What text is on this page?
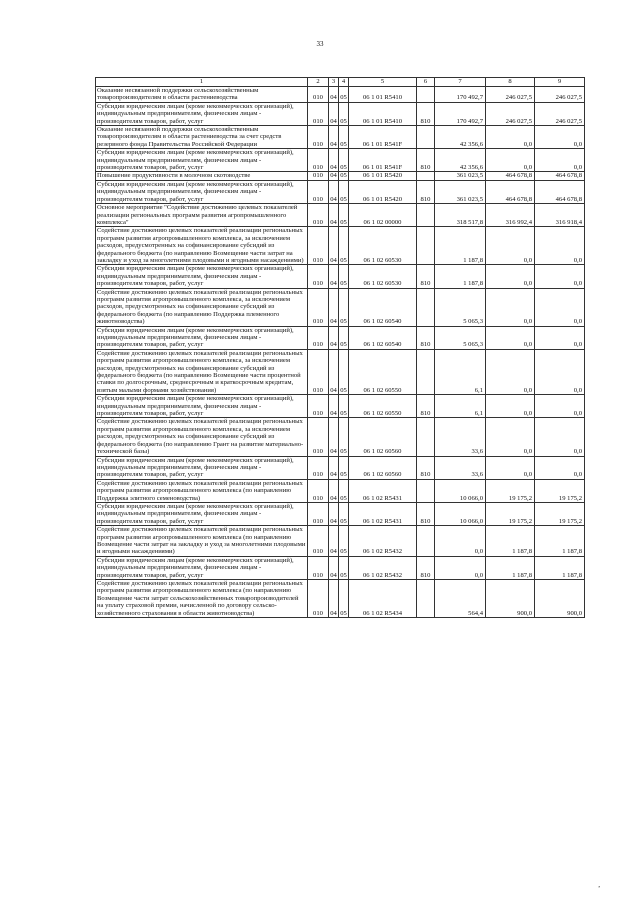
33
1	2	3	4	5	6	7	8	9
Оказание несвязанной поддержки сельскохозяйственным товаропроизводителям в области растениеводства	010	04	05	06 1 01 R5410		170 492,7	246 027,5	246 027,5
Субсидии юридическим лицам (кроме некоммерческих организаций), индивидуальным предпринимателям, физическим лицам - производителям товаров, работ, услуг	010	04	05	06 1 01 R5410	810	170 492,7	246 027,5	246 027,5
Оказание несвязанной поддержки сельскохозяйственным товаропроизводителям в области растениеводства за счет средств резервного фонда Правительства Российской Федерации	010	04	05	06 1 01 R541F		42 356,6	0,0	0,0
Субсидии юридическим лицам (кроме некоммерческих организаций), индивидуальным предпринимателям, физическим лицам - производителям товаров, работ, услуг	010	04	05	06 1 01 R541F	810	42 356,6	0,0	0,0
Повышение продуктивности в молочном скотоводстве	010	04	05	06 1 01 R5420		361 023,5	464 678,8	464 678,8
Субсидии юридическим лицам (кроме некоммерческих организаций), индивидуальным предпринимателям, физическим лицам - производителям товаров, работ, услуг	010	04	05	06 1 01 R5420	810	361 023,5	464 678,8	464 678,8
Основное мероприятие "Содействие достижению целевых показателей реализации региональных программ развития агропромышленного комплекса"	010	04	05	06 1 02 00000		318 517,8	316 992,4	316 918,4
Содействие достижению целевых показателей реализации региональных программ развития агропромышленного комплекса, за исключением расходов, предусмотренных на софинансирование субсидий из федерального бюджета (по направлению Возмещение части затрат на закладку и уход за многолетними плодовыми и ягодными насаждениями)	010	04	05	06 1 02 60530		1 187,8	0,0	0,0
Субсидии юридическим лицам (кроме некоммерческих организаций), индивидуальным предпринимателям, физическим лицам - производителям товаров, работ, услуг	010	04	05	06 1 02 60530	810	1 187,8	0,0	0,0
Содействие достижению целевых показателей реализации региональных программ развития агропромышленного комплекса, за исключением расходов, предусмотренных на софинансирование субсидий из федерального бюджета (по направлению Поддержка племенного животноводства)	010	04	05	06 1 02 60540		5 065,3	0,0	0,0
Субсидии юридическим лицам (кроме некоммерческих организаций), индивидуальным предпринимателям, физическим лицам - производителям товаров, работ, услуг	010	04	05	06 1 02 60540	810	5 065,3	0,0	0,0
Содействие достижению целевых показателей реализации региональных программ развития агропромышленного комплекса, за исключением расходов, предусмотренных на софинансирование субсидий из федерального бюджета (по направлению Возмещение части процентной ставки по долгосрочным, среднесрочным и краткосрочным кредитам, взятым малыми формами хозяйствования)	010	04	05	06 1 02 60550		6,1	0,0	0,0
Субсидии юридическим лицам (кроме некоммерческих организаций), индивидуальным предпринимателям, физическим лицам - производителям товаров, работ, услуг	010	04	05	06 1 02 60550	810	6,1	0,0	0,0
Содействие достижению целевых показателей реализации региональных программ развития агропромышленного комплекса, за исключением расходов, предусмотренных на софинансирование субсидий из федерального бюджета (по направлению Грант на развитие материально-технической базы)	010	04	05	06 1 02 60560		33,6	0,0	0,0
Субсидии юридическим лицам (кроме некоммерческих организаций), индивидуальным предпринимателям, физическим лицам - производителям товаров, работ, услуг	010	04	05	06 1 02 60560	810	33,6	0,0	0,0
Содействие достижению целевых показателей реализации региональных программ развития агропромышленного комплекса (по направлению Поддержка элитного семеноводства)	010	04	05	06 1 02 R5431		10 066,0	19 175,2	19 175,2
Субсидии юридическим лицам (кроме некоммерческих организаций), индивидуальным предпринимателям, физическим лицам - производителям товаров, работ, услуг	010	04	05	06 1 02 R5431	810	10 066,0	19 175,2	19 175,2
Содействие достижению целевых показателей реализации региональных программ развития агропромышленного комплекса (по направлению Возмещение части затрат на закладку и уход за многолетними плодовыми и ягодными насаждениями)	010	04	05	06 1 02 R5432		0,0	1 187,8	1 187,8
Субсидии юридическим лицам (кроме некоммерческих организаций), индивидуальным предпринимателям, физическим лицам - производителям товаров, работ, услуг	010	04	05	06 1 02 R5432	810	0,0	1 187,8	1 187,8
Содействие достижению целевых показателей реализации региональных программ развития агропромышленного комплекса (по направлению Возмещение части затрат сельскохозяйственных товаропроизводителей на уплату страховой премии, начисленной по договору сельско-хозяйственного страхования в области животноводства)	010	04	05	06 1 02 R5434		564,4	900,0	900,0
,
